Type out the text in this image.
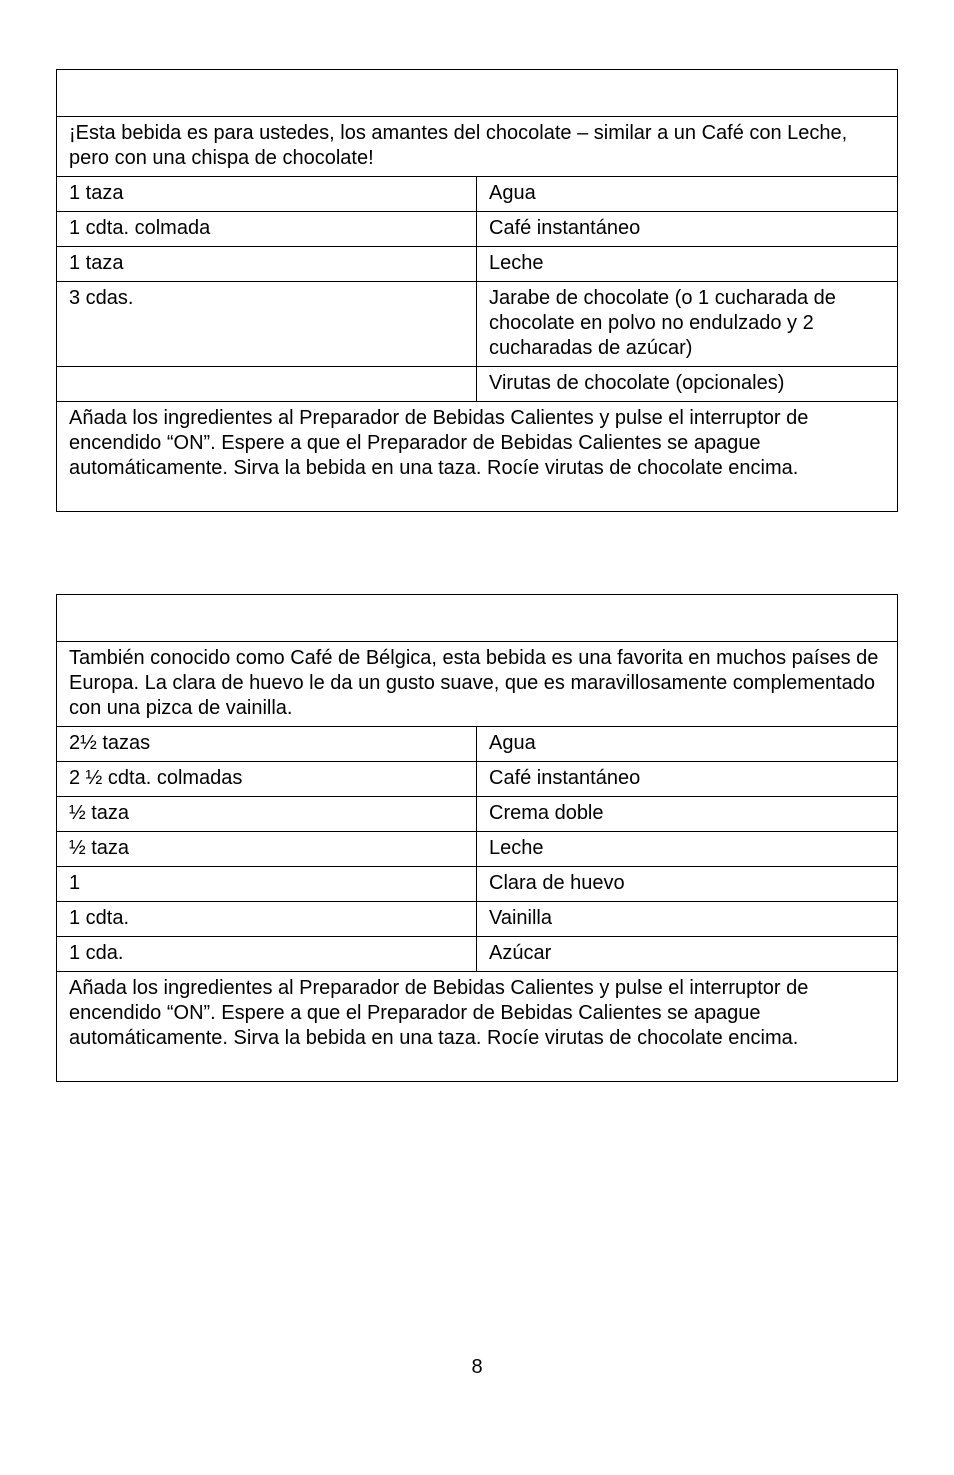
¡Esta bebida es para ustedes, los amantes del chocolate – similar a un Café con Leche, pero con una chispa de chocolate!	
1 taza	Agua
1 cdta. colmada	Café instantáneo
1 taza	Leche
3 cdas.	Jarabe de chocolate (o 1 cucharada de chocolate en polvo no endulzado y 2 cucharadas de azúcar)
	Virutas de chocolate (opcionales)
Añada los ingredientes al Preparador de Bebidas Calientes y pulse el interruptor de encendido “ON”. Espere a que el Preparador de Bebidas Calientes se apague automáticamente. Sirva la bebida en una taza. Rocíe virutas de chocolate encima.	

También conocido como Café de Bélgica, esta bebida es una favorita en muchos países de Europa. La clara de huevo le da un gusto suave, que es maravillosamente complementado con una pizca de vainilla.	
2½ tazas	Agua
2 ½ cdta. colmadas	Café instantáneo
½ taza	Crema doble
½ taza	Leche
1	Clara de huevo
1 cdta.	Vainilla
1 cda.	Azúcar
Añada los ingredientes al Preparador de Bebidas Calientes y pulse el interruptor de encendido “ON”. Espere a que el Preparador de Bebidas Calientes se apague automáticamente. Sirva la bebida en una taza. Rocíe virutas de chocolate encima.	
8
